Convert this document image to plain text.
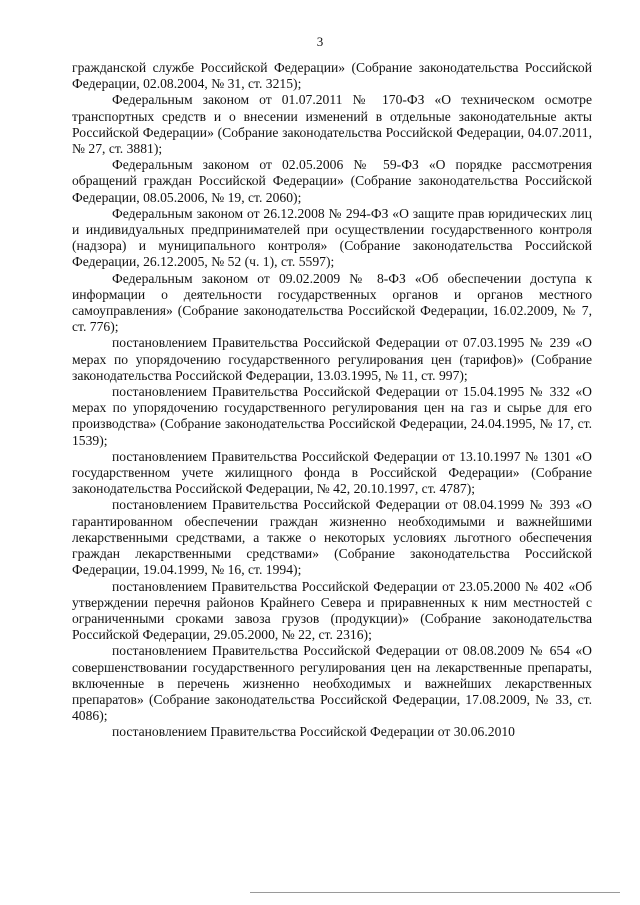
3

гражданской службе Российской Федерации» (Собрание законодательства Российской Федерации, 02.08.2004, № 31, ст. 3215);

Федеральным законом от 01.07.2011 № 170-ФЗ «О техническом осмотре транспортных средств и о внесении изменений в отдельные законодательные акты Российской Федерации» (Собрание законодательства Российской Федерации, 04.07.2011, № 27, ст. 3881);

Федеральным законом от 02.05.2006 № 59-ФЗ «О порядке рассмотрения обращений граждан Российской Федерации» (Собрание законодательства Российской Федерации, 08.05.2006, № 19, ст. 2060);

Федеральным законом от 26.12.2008 № 294-ФЗ «О защите прав юридических лиц и индивидуальных предпринимателей при осуществлении государственного контроля (надзора) и муниципального контроля» (Собрание законодательства Российской Федерации, 26.12.2005, № 52 (ч. 1), ст. 5597);

Федеральным законом от 09.02.2009 № 8-ФЗ «Об обеспечении доступа к информации о деятельности государственных органов и органов местного самоуправления» (Собрание законодательства Российской Федерации, 16.02.2009, № 7, ст. 776);

постановлением Правительства Российской Федерации от 07.03.1995 № 239 «О мерах по упорядочению государственного регулирования цен (тарифов)» (Собрание законодательства Российской Федерации, 13.03.1995, № 11, ст. 997);

постановлением Правительства Российской Федерации от 15.04.1995 № 332 «О мерах по упорядочению государственного регулирования цен на газ и сырье для его производства» (Собрание законодательства Российской Федерации, 24.04.1995, № 17, ст. 1539);

постановлением Правительства Российской Федерации от 13.10.1997 № 1301 «О государственном учете жилищного фонда в Российской Федерации» (Собрание законодательства Российской Федерации, № 42, 20.10.1997, ст. 4787);

постановлением Правительства Российской Федерации от 08.04.1999 № 393 «О гарантированном обеспечении граждан жизненно необходимыми и важнейшими лекарственными средствами, а также о некоторых условиях льготного обеспечения граждан лекарственными средствами» (Собрание законодательства Российской Федерации, 19.04.1999, № 16, ст. 1994);

постановлением Правительства Российской Федерации от 23.05.2000 № 402 «Об утверждении перечня районов Крайнего Севера и приравненных к ним местностей с ограниченными сроками завоза грузов (продукции)» (Собрание законодательства Российской Федерации, 29.05.2000, № 22, ст. 2316);

постановлением Правительства Российской Федерации от 08.08.2009 № 654 «О совершенствовании государственного регулирования цен на лекарственные препараты, включенные в перечень жизненно необходимых и важнейших лекарственных препаратов» (Собрание законодательства Российской Федерации, 17.08.2009, № 33, ст. 4086);

постановлением Правительства Российской Федерации от 30.06.2010
